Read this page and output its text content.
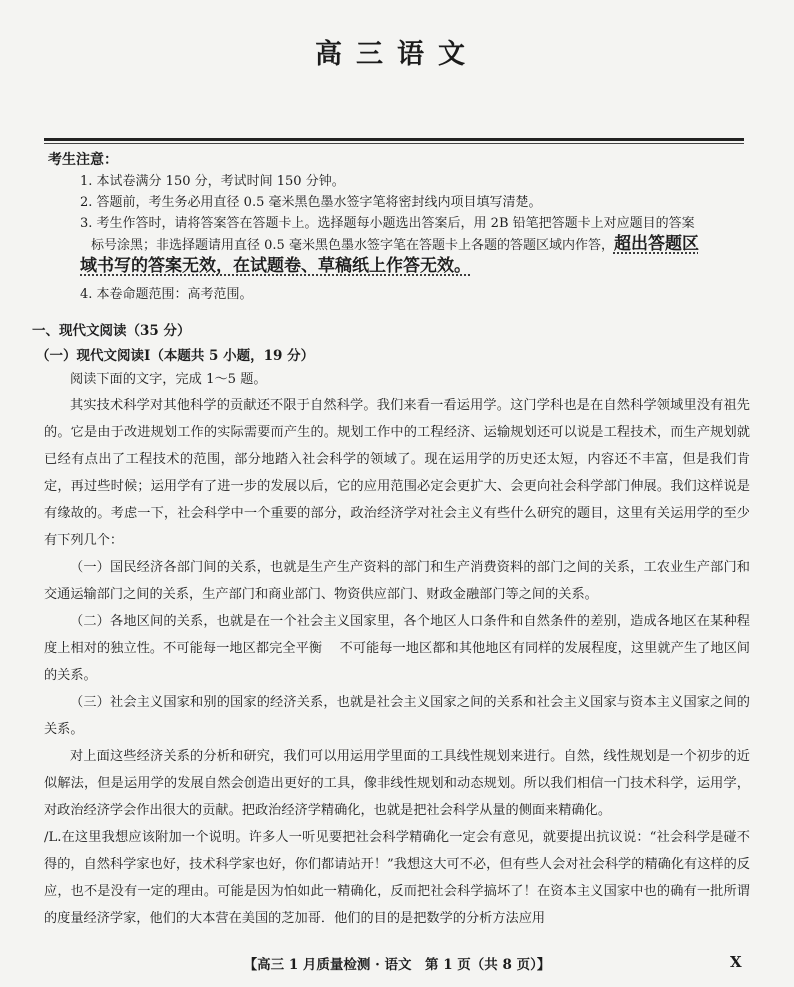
高三语文
考生注意：
1. 本试卷满分 150 分，考试时间 150 分钟。
2. 答题前，考生务必用直径 0.5 毫米黑色墨水签字笔将密封线内项目填写清楚。
3. 考生作答时，请将答案答在答题卡上。选择题每小题选出答案后，用 2B 铅笔把答题卡上对应题目的答案
标号涂黑；非选择题请用直径 0.5 毫米黑色墨水签字笔在答题卡上各题的答题区域内作答，超出答题区
域书写的答案无效，在试题卷、草稿纸上作答无效。
4. 本卷命题范围：高考范围。
一、现代文阅读（35 分）
（一）现代文阅读Ⅰ（本题共 5 小题，19 分）
阅读下面的文字，完成 1～5 题。
其实技术科学对其他科学的贡献还不限于自然科学。我们来看一看运用学。这门学科也是在自然科学领域里没有祖先的。它是由于改进规划工作的实际需要而产生的。规划工作中的工程经济、运输规划还可以说是工程技术，而生产规划就已经有点出了工程技术的范围，部分地踏入社会科学的领域了。现在运用学的历史还太短，内容还不丰富，但是我们肯定，再过些时候；运用学有了进一步的发展以后，它的应用范围必定会更扩大、会更向社会科学部门伸展。我们这样说是有缘故的。考虑一下，社会科学中一个重要的部分，政治经济学对社会主义有些什么研究的题目，这里有关运用学的至少有下列几个：
（一）国民经济各部门间的关系，也就是生产生产资料的部门和生产消费资料的部门之间的关系，工农业生产部门和交通运输部门之间的关系，生产部门和商业部门、物资供应部门、财政金融部门等之间的关系。
（二）各地区间的关系，也就是在一个社会主义国家里，各个地区人口条件和自然条件的差别，造成各地区在某种程度上相对的独立性。不可能每一地区都完全平衡　 不可能每一地区都和其他地区有同样的发展程度，这里就产生了地区间的关系。
（三）社会主义国家和别的国家的经济关系，也就是社会主义国家之间的关系和社会主义国家与资本主义国家之间的关系。
对上面这些经济关系的分析和研究，我们可以用运用学里面的工具线性规划来进行。自然，线性规划是一个初步的近似解法，但是运用学的发展自然会创造出更好的工具，像非线性规划和动态规划。所以我们相信一门技术科学，运用学，对政治经济学会作出很大的贡献。把政治经济学精确化，也就是把社会科学从量的侧面来精确化。
/L.在这里我想应该附加一个说明。许多人一听见要把社会科学精确化一定会有意见，就要提出抗议说：“社会科学是碰不得的，自然科学家也好，技术科学家也好，你们都请站开！”我想这大可不必，但有些人会对社会科学的精确化有这样的反应，也不是没有一定的理由。可能是因为怕如此一精确化，反而把社会科学搞坏了！在资本主义国家中也的确有一批所谓的度量经济学家，他们的大本营在美国的芝加哥．他们的目的是把数学的分析方法应用
【高三 1 月质量检测 · 语文　第 1 页（共 8 页）】	X
